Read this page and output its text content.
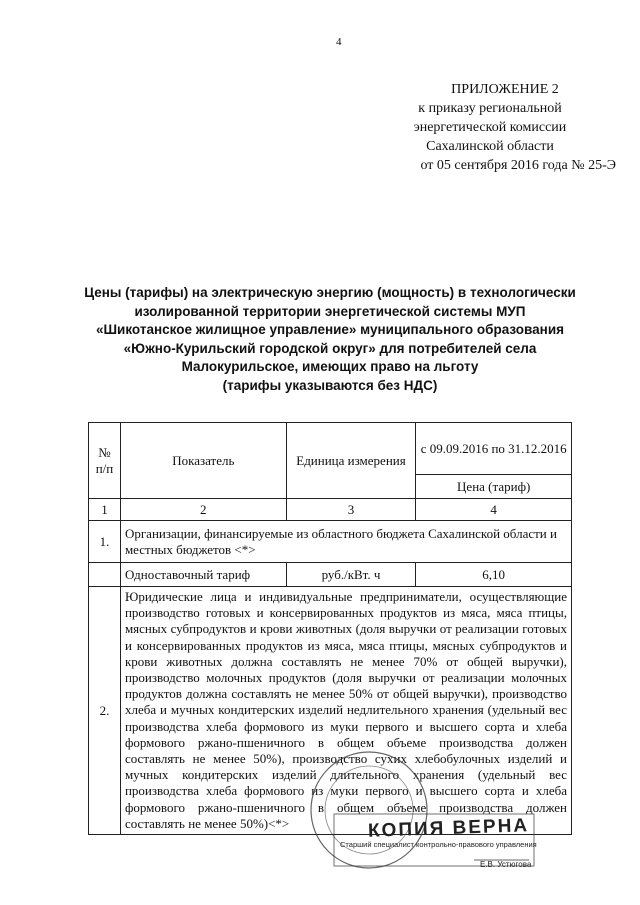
4
ПРИЛОЖЕНИЕ 2
к приказу региональной
энергетической комиссии
Сахалинской области
от 05 сентября 2016 года № 25-Э
Цены (тарифы) на электрическую энергию (мощность) в технологически
изолированной территории энергетической системы МУП
«Шикотанское жилищное управление» муниципального образования
«Южно-Курильский городской округ» для потребителей села
Малокурильское, имеющих право на льготу
(тарифы указываются без НДС)
№ п/п	Показатель	Единица измерения	с 09.09.2016 по 31.12.2016
			Цена (тариф)
1	2	3	4
1.	Организации, финансируемые из областного бюджета Сахалинской области и местных бюджетов <*>		
	Одноставочный тариф	руб./кВт. ч	6,10
2.	Юридические лица и индивидуальные предприниматели, осуществляющие производство готовых и консервированных продуктов из мяса, мяса птицы, мясных субпродуктов и крови животных (доля выручки от реализации готовых и консервированных продуктов из мяса, мяса птицы, мясных субпродуктов и крови животных должна составлять не менее 70% от общей выручки), производство молочных продуктов (доля выручки от реализации молочных продуктов должна составлять не менее 50% от общей выручки), производство хлеба и мучных кондитерских изделий недлительного хранения (удельный вес производства хлеба формового из муки первого и высшего сорта и хлеба формового ржано-пшеничного в общем объеме производства должен составлять не менее 50%), производство сухих хлебобулочных изделий и мучных кондитерских изделий длительного хранения (удельный вес производства хлеба формового из муки первого и высшего сорта и хлеба формового ржано-пшеничного в общем объеме производства должен составлять не менее 50%)<*>			КОПИЯ ВЕРНА
Старший специалист контрольно-правового управления
Е.В. Устюгова
